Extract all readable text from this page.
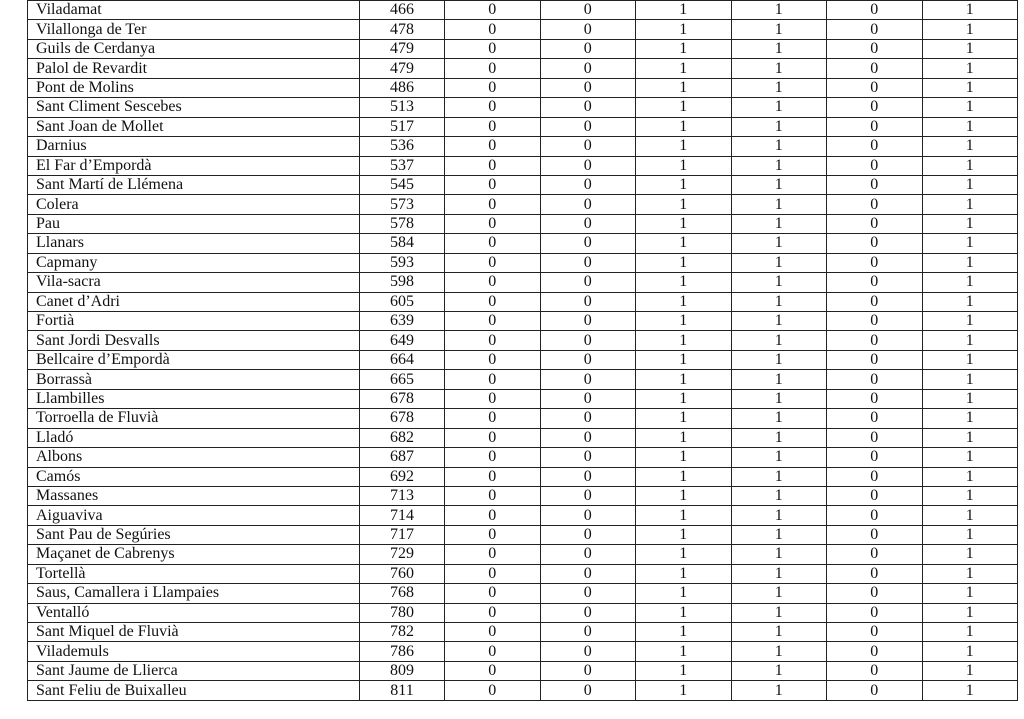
Viladamat	466	0	0	1	1	0	1
Vilallonga de Ter	478	0	0	1	1	0	1
Guils de Cerdanya	479	0	0	1	1	0	1
Palol de Revardit	479	0	0	1	1	0	1
Pont de Molins	486	0	0	1	1	0	1
Sant Climent Sescebes	513	0	0	1	1	0	1
Sant Joan de Mollet	517	0	0	1	1	0	1
Darnius	536	0	0	1	1	0	1
El Far d’Empordà	537	0	0	1	1	0	1
Sant Martí de Llémena	545	0	0	1	1	0	1
Colera	573	0	0	1	1	0	1
Pau	578	0	0	1	1	0	1
Llanars	584	0	0	1	1	0	1
Capmany	593	0	0	1	1	0	1
Vila-sacra	598	0	0	1	1	0	1
Canet d’Adri	605	0	0	1	1	0	1
Fortià	639	0	0	1	1	0	1
Sant Jordi Desvalls	649	0	0	1	1	0	1
Bellcaire d’Empordà	664	0	0	1	1	0	1
Borrassà	665	0	0	1	1	0	1
Llambilles	678	0	0	1	1	0	1
Torroella de Fluvià	678	0	0	1	1	0	1
Lladó	682	0	0	1	1	0	1
Albons	687	0	0	1	1	0	1
Camós	692	0	0	1	1	0	1
Massanes	713	0	0	1	1	0	1
Aiguaviva	714	0	0	1	1	0	1
Sant Pau de Segúries	717	0	0	1	1	0	1
Maçanet de Cabrenys	729	0	0	1	1	0	1
Tortellà	760	0	0	1	1	0	1
Saus, Camallera i Llampaies	768	0	0	1	1	0	1
Ventalló	780	0	0	1	1	0	1
Sant Miquel de Fluvià	782	0	0	1	1	0	1
Vilademuls	786	0	0	1	1	0	1
Sant Jaume de Llierca	809	0	0	1	1	0	1
Sant Feliu de Buixalleu	811	0	0	1	1	0	1
